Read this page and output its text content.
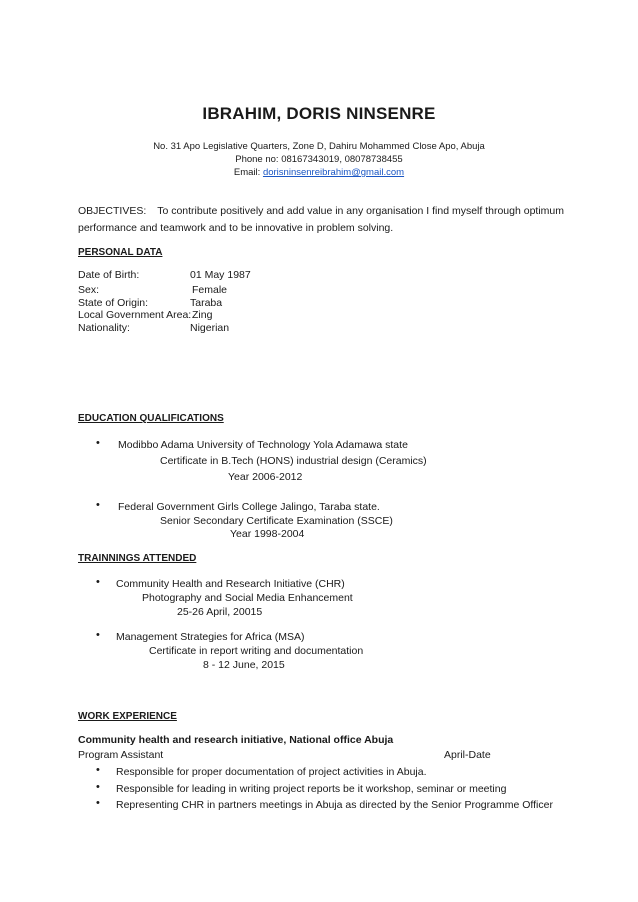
IBRAHIM, DORIS NINSENRE
No. 31 Apo Legislative Quarters, Zone D, Dahiru Mohammed Close Apo, Abuja
Phone no: 08167343019, 08078738455
Email: dorisninsenreibrahim@gmail.com
OBJECTIVES: To contribute positively and add value in any organisation I find myself through optimum
performance and teamwork and to be innovative in problem solving.
PERSONAL DATA
Date of Birth:	01 May 1987
Sex:	Female
State of Origin:	Taraba
Local Government Area: Zing
Nationality:	Nigerian
EDUCATION QUALIFICATIONS
• Modibbo Adama University of Technology Yola Adamawa state
Certificate in B.Tech (HONS) industrial design (Ceramics)
Year 2006-2012
• Federal Government Girls College Jalingo, Taraba state.
Senior Secondary Certificate Examination (SSCE)
Year 1998-2004
TRAINNINGS ATTENDED
• Community Health and Research Initiative (CHR)
Photography and Social Media Enhancement
25-26 April, 20015
• Management Strategies for Africa (MSA)
Certificate in report writing and documentation
8 - 12 June, 2015
WORK EXPERIENCE
Community health and research initiative, National office Abuja
Program Assistant	April-Date
• Responsible for proper documentation of project activities in Abuja.
• Responsible for leading in writing project reports be it workshop, seminar or meeting
• Representing CHR in partners meetings in Abuja as directed by the Senior Programme Officer
